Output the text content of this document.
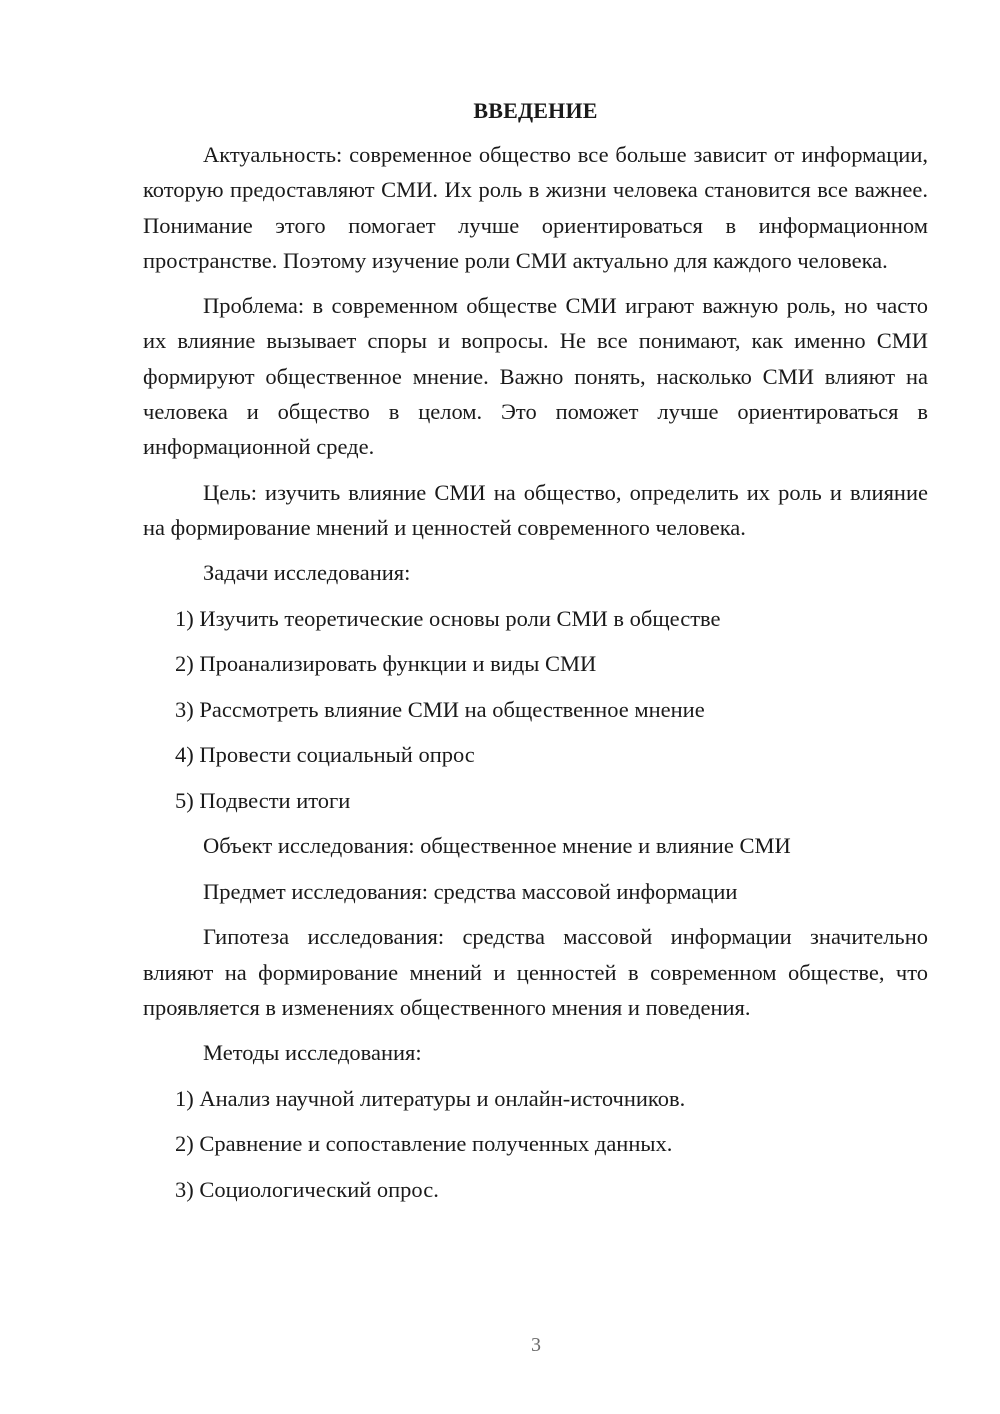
ВВЕДЕНИЕ

Актуальность: современное общество все больше зависит от информации, которую предоставляют СМИ. Их роль в жизни человека становится все важнее. Понимание этого помогает лучше ориентироваться в информационном пространстве. Поэтому изучение роли СМИ актуально для каждого человека.

Проблема: в современном обществе СМИ играют важную роль, но часто их влияние вызывает споры и вопросы. Не все понимают, как именно СМИ формируют общественное мнение. Важно понять, насколько СМИ влияют на человека и общество в целом. Это поможет лучше ориентироваться в информационной среде.

Цель: изучить влияние СМИ на общество, определить их роль и влияние на формирование мнений и ценностей современного человека.

Задачи исследования:

1) Изучить теоретические основы роли СМИ в обществе

2) Проанализировать функции и виды СМИ

3) Рассмотреть влияние СМИ на общественное мнение

4) Провести социальный опрос

5) Подвести итоги

Объект исследования: общественное мнение и влияние СМИ

Предмет исследования: средства массовой информации

Гипотеза исследования: средства массовой информации значительно влияют на формирование мнений и ценностей в современном обществе, что проявляется в изменениях общественного мнения и поведения.

Методы исследования:

1) Анализ научной литературы и онлайн-источников.

2) Сравнение и сопоставление полученных данных.

3) Социологический опрос.

3
